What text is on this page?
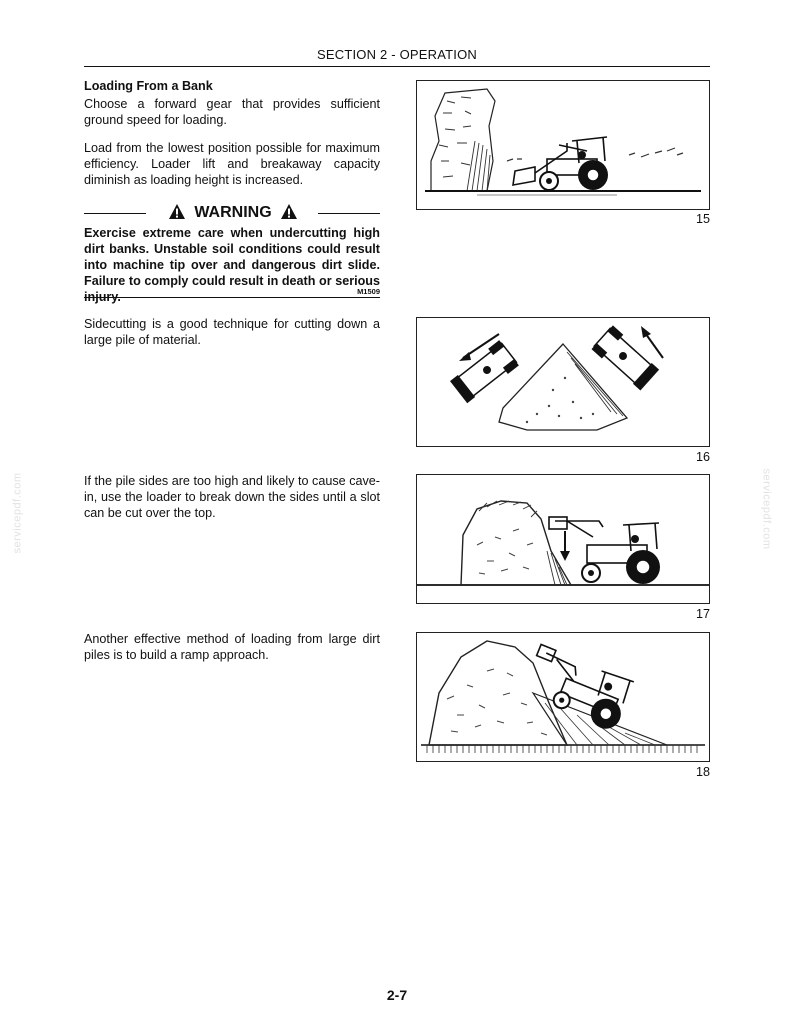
SECTION 2 - OPERATION
servicepdf.com	servicepdf.com
Loading From a Bank
Choose a forward gear that provides sufficient ground speed for loading.
Load from the lowest position possible for maximum efficiency. Loader lift and breakaway capacity diminish as loading height is increased.
WARNING
Exercise extreme care when undercutting high dirt banks. Unstable soil conditions could result into machine tip over and dangerous dirt slide. Failure to comply could result in death or serious injury.	M1509
Sidecutting is a good technique for cutting down a large pile of material.
If the pile sides are too high and likely to cause cave-in, use the loader to break down the sides until a slot can be cut over the top.
Another effective method of loading from large dirt piles is to build a ramp approach.
15
16
17
18
2-7
